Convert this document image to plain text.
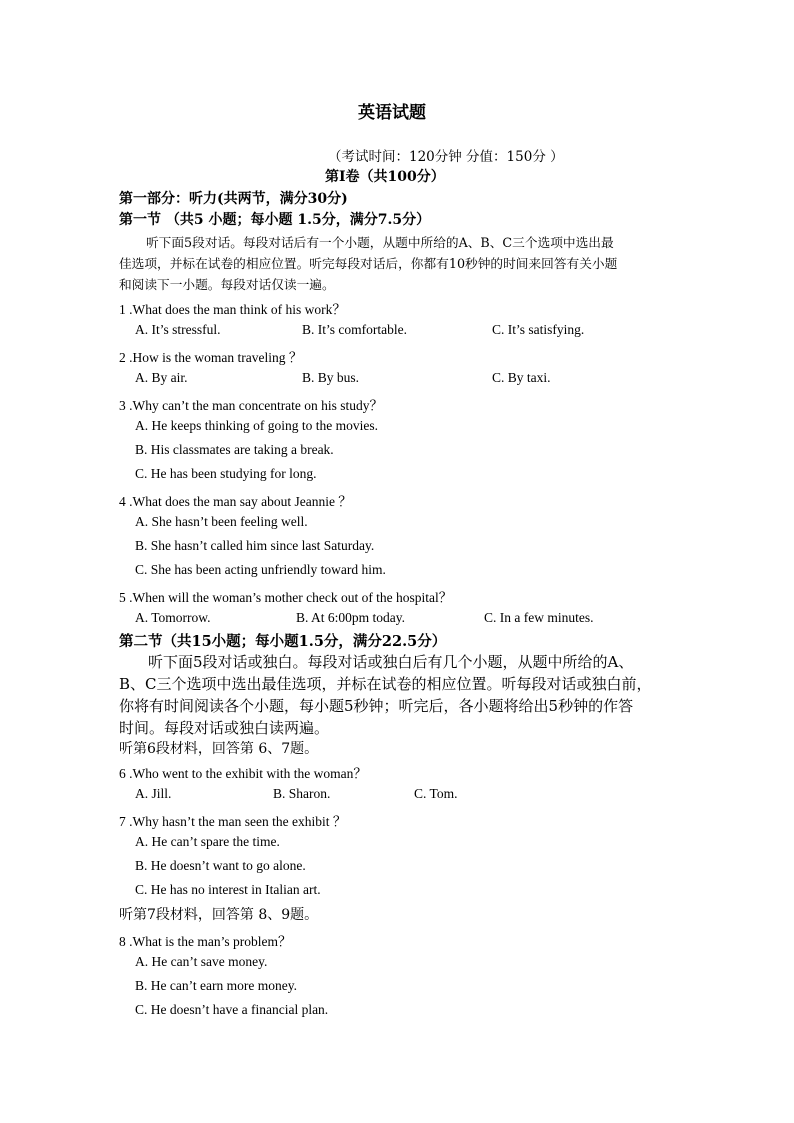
英语试题
（考试时间：120分钟 分值：150分 ）
第I卷（共100分）
第一部分：听力(共两节，满分30分)
第一节 （共5 小题；每小题 1.5分，满分7.5分）
听下面5段对话。每段对话后有一个小题，从题中所给的A、B、C三个选项中选出最
佳选项，并标在试卷的相应位置。听完每段对话后，你都有10秒钟的时间来回答有关小题
和阅读下一小题。每段对话仅读一遍。
1 .What does the man think of his work？
A. It’s stressful.	B. It’s comfortable.	C. It’s satisfying.
2 .How is the woman traveling ？
A. By air.	B. By bus.	C. By taxi.
3 .Why can’t the man concentrate on his study？
A. He keeps thinking of going to the movies.
B. His classmates are taking a break.
C. He has been studying for long.
4 .What does the man say about Jeannie ？
A. She hasn’t been feeling well.
B. She hasn’t called him since last Saturday.
C. She has been acting unfriendly toward him.
5 .When will the woman’s mother check out of the hospital？
A. Tomorrow.	B. At 6:00pm today.	C. In a few minutes.
第二节（共15小题；每小题1.5分，满分22.5分）
听下面5段对话或独白。每段对话或独白后有几个小题，从题中所给的A、
B、C三个选项中选出最佳选项，并标在试卷的相应位置。听每段对话或独白前，
你将有时间阅读各个小题，每小题5秒钟；听完后，各小题将给出5秒钟的作答
时间。每段对话或独白读两遍。
听第6段材料，回答第 6、7题。
6 .Who went to the exhibit with the woman？
A. Jill.	B. Sharon.	C. Tom.
7 .Why hasn’t the man seen the exhibit ？
A. He can’t spare the time.
B. He doesn’t want to go alone.
C. He has no interest in Italian art.
听第7段材料，回答第 8、9题。
8 .What is the man’s problem？
A. He can’t save money.
B. He can’t earn more money.
C. He doesn’t have a financial plan.
